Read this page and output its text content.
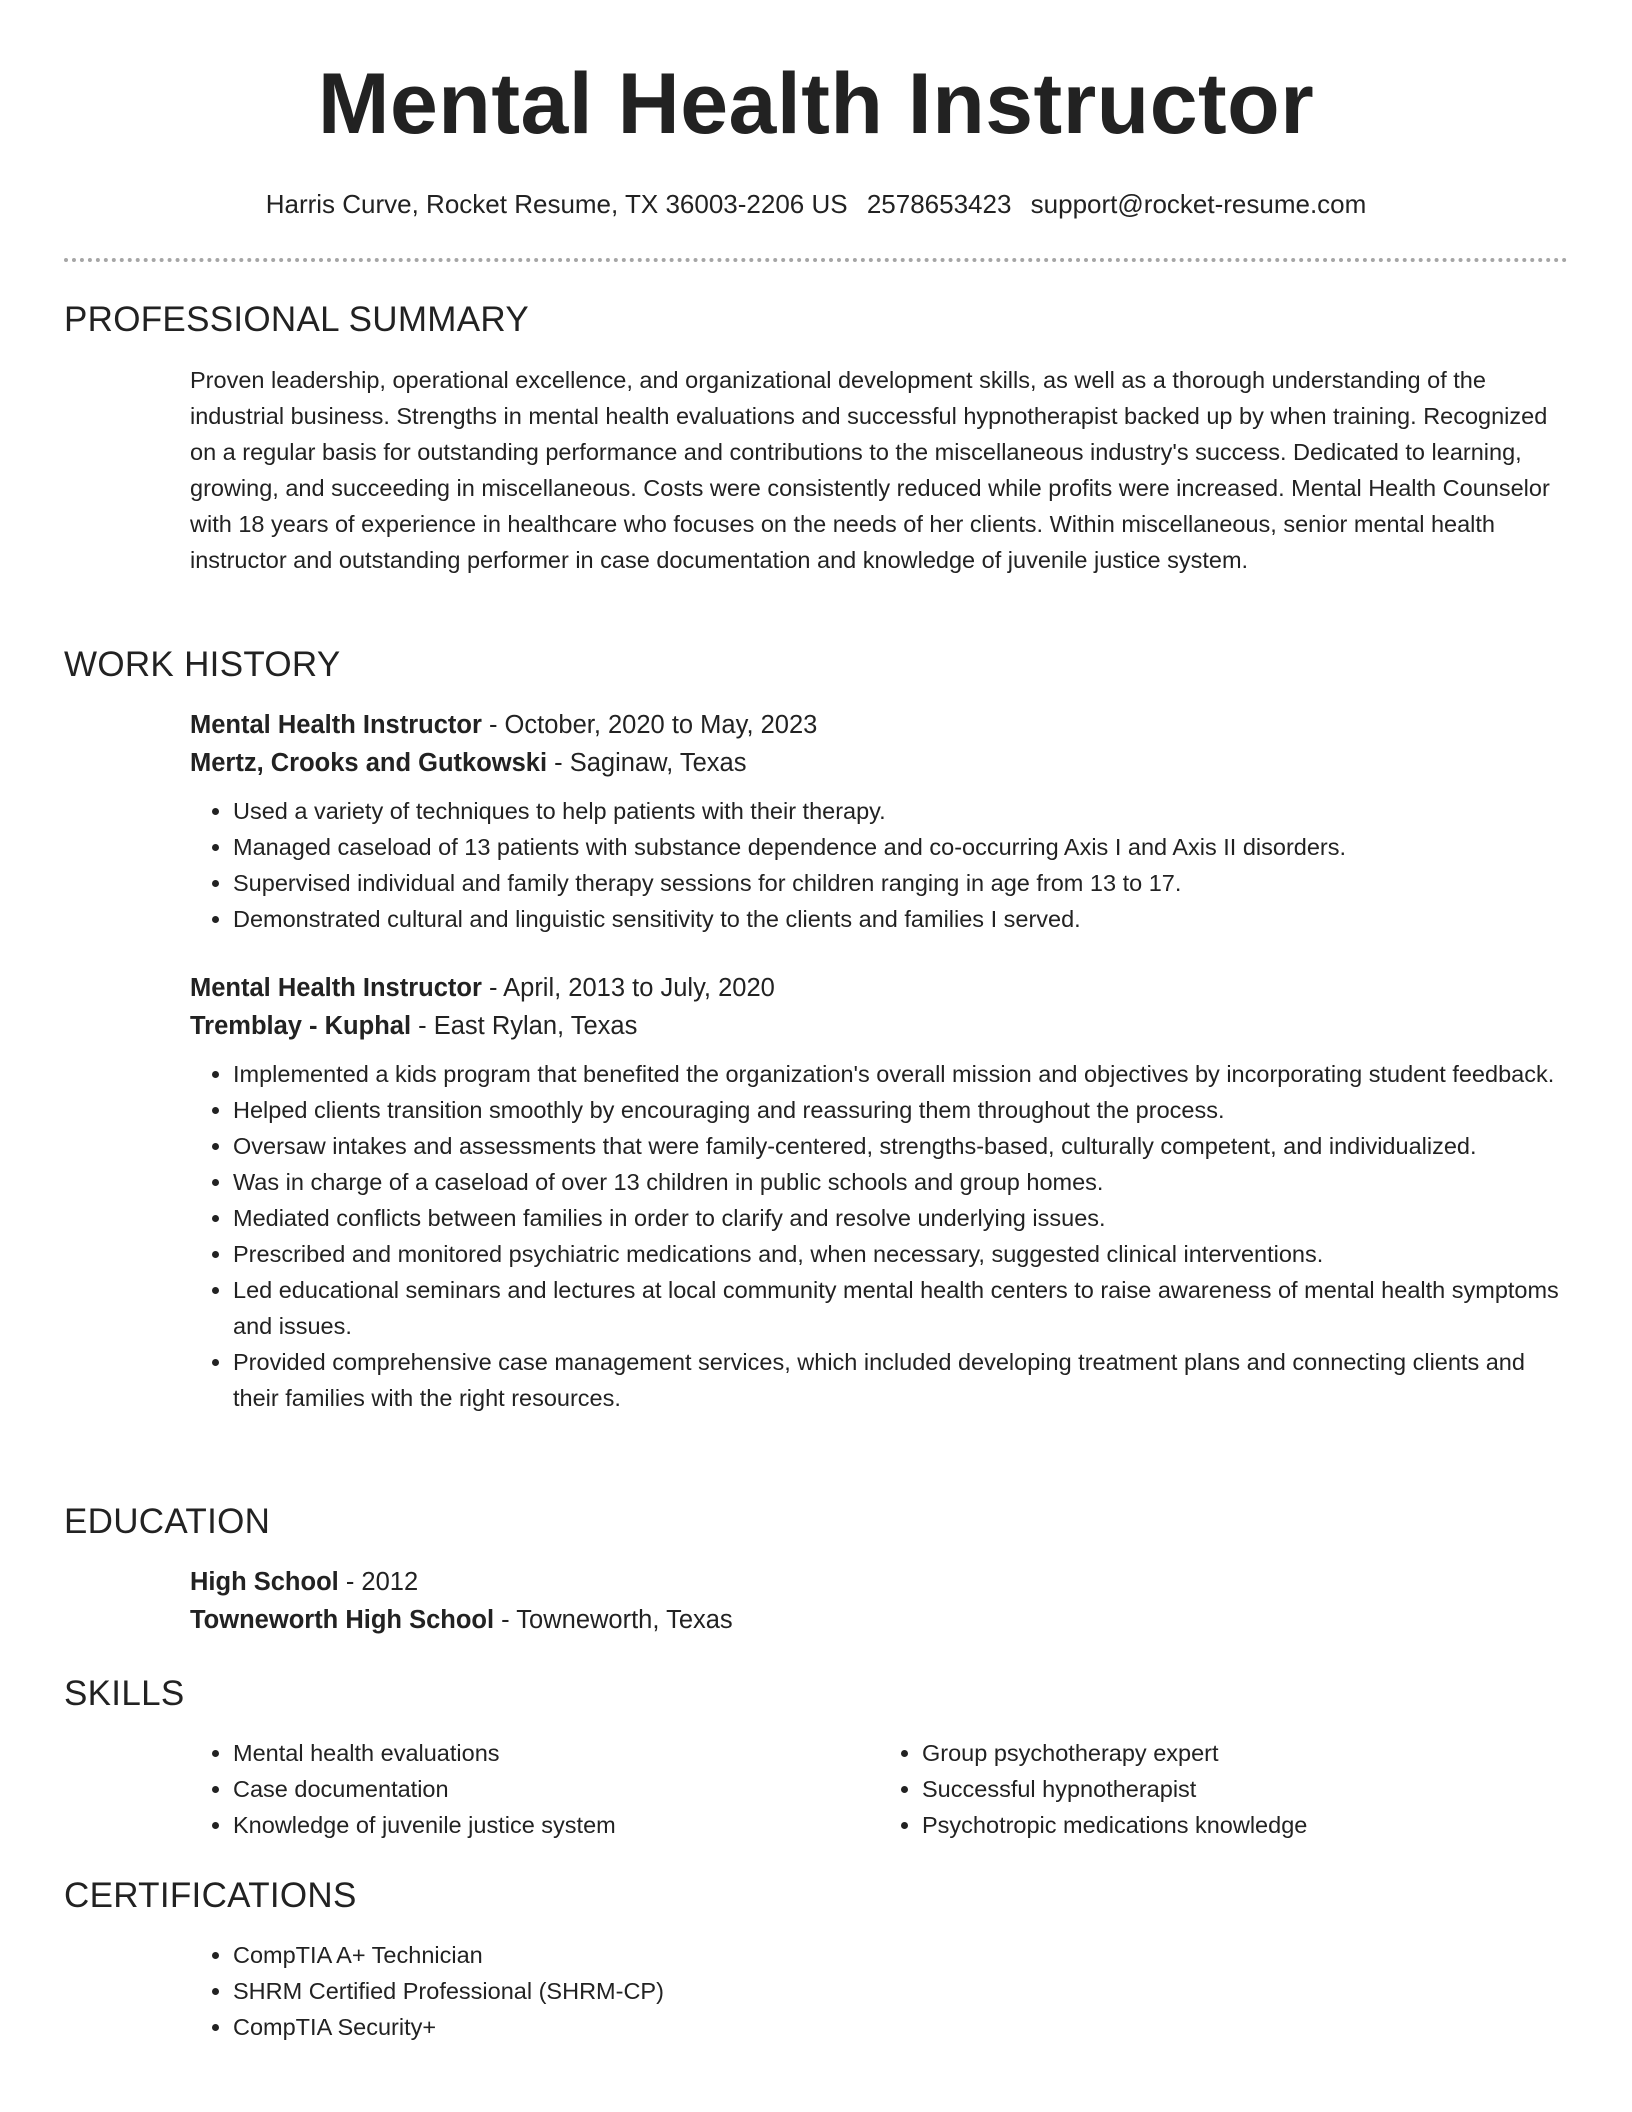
Mental Health Instructor
Harris Curve, Rocket Resume, TX 36003-2206 US 2578653423 support@rocket-resume.com
PROFESSIONAL SUMMARY

Proven leadership, operational excellence, and organizational development skills, as well as a thorough understanding of the industrial business. Strengths in mental health evaluations and successful hypnotherapist backed up by when training. Recognized on a regular basis for outstanding performance and contributions to the miscellaneous industry's success. Dedicated to learning, growing, and succeeding in miscellaneous. Costs were consistently reduced while profits were increased. Mental Health Counselor with 18 years of experience in healthcare who focuses on the needs of her clients. Within miscellaneous, senior mental health instructor and outstanding performer in case documentation and knowledge of juvenile justice system.

WORK HISTORY
Mental Health Instructor - October, 2020 to May, 2023
Mertz, Crooks and Gutkowski - Saginaw, Texas
• Used a variety of techniques to help patients with their therapy.
• Managed caseload of 13 patients with substance dependence and co-occurring Axis I and Axis II disorders.
• Supervised individual and family therapy sessions for children ranging in age from 13 to 17.
• Demonstrated cultural and linguistic sensitivity to the clients and families I served.
Mental Health Instructor - April, 2013 to July, 2020
Tremblay - Kuphal - East Rylan, Texas
• Implemented a kids program that benefited the organization's overall mission and objectives by incorporating student feedback.
• Helped clients transition smoothly by encouraging and reassuring them throughout the process.
• Oversaw intakes and assessments that were family-centered, strengths-based, culturally competent, and individualized.
• Was in charge of a caseload of over 13 children in public schools and group homes.
• Mediated conflicts between families in order to clarify and resolve underlying issues.
• Prescribed and monitored psychiatric medications and, when necessary, suggested clinical interventions.
• Led educational seminars and lectures at local community mental health centers to raise awareness of mental health symptoms and issues.
• Provided comprehensive case management services, which included developing treatment plans and connecting clients and their families with the right resources.
EDUCATION
High School - 2012
Towneworth High School - Towneworth, Texas
SKILLS
• Mental health evaluations
• Case documentation
• Knowledge of juvenile justice system
• Group psychotherapy expert
• Successful hypnotherapist
• Psychotropic medications knowledge
CERTIFICATIONS
• CompTIA A+ Technician
• SHRM Certified Professional (SHRM-CP)
• CompTIA Security+
